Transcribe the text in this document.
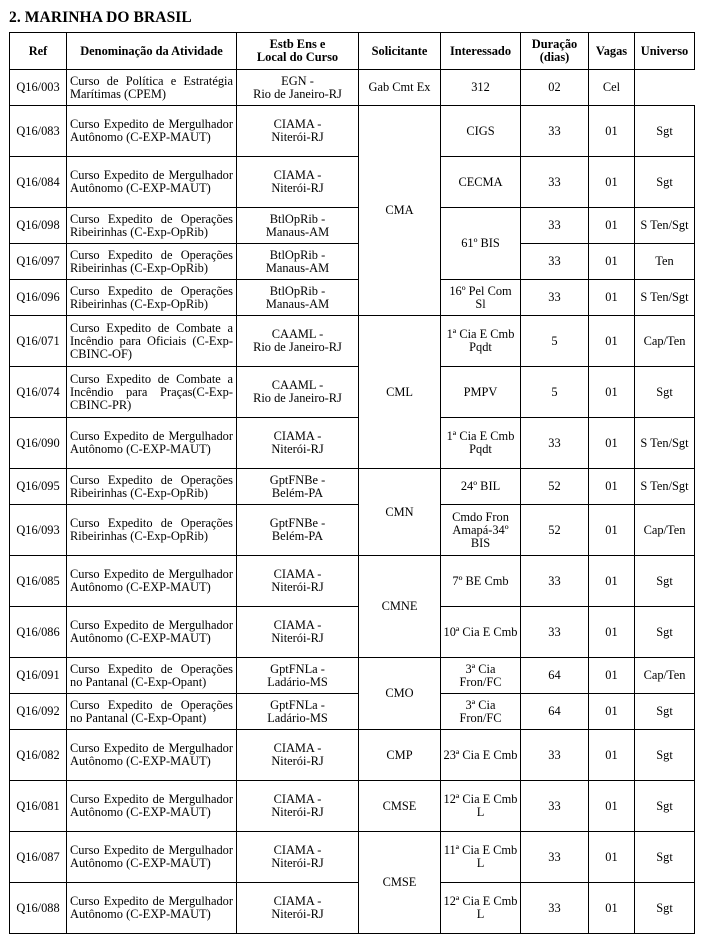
2. MARINHA DO BRASIL
Ref	Denominação da Atividade	Estb Ens e
Local do Curso	Solicitante	Interessado	Duração
(dias)	Vagas	Universo
Q16/003	Curso de Política e Estratégia Marítimas (CPEM)	EGN -
Rio de Janeiro-RJ	Gab Cmt Ex	312	02	Cel	
Q16/083	Curso Expedito de Mergulhador Autônomo (C-EXP-MAUT)	CIAMA -
Niterói-RJ	CMA	CIGS	33	01	Sgt
Q16/084	Curso Expedito de Mergulhador Autônomo (C-EXP-MAUT)	CIAMA -
Niterói-RJ		CECMA	33	01	Sgt
Q16/098	Curso Expedito de Operações Ribeirinhas (C-Exp-OpRib)	BtlOpRib -
Manaus-AM		61º BIS	33	01	S Ten/Sgt
Q16/097	Curso Expedito de Operações Ribeirinhas (C-Exp-OpRib)	BtlOpRib -
Manaus-AM			33	01	Ten
Q16/096	Curso Expedito de Operações Ribeirinhas (C-Exp-OpRib)	BtlOpRib -
Manaus-AM		16º Pel Com Sl	33	01	S Ten/Sgt
Q16/071	Curso Expedito de Combate a Incêndio para Oficiais (C-Exp-CBINC-OF)	CAAML -
Rio de Janeiro-RJ	CML	1ª Cia E Cmb Pqdt	5	01	Cap/Ten
Q16/074	Curso Expedito de Combate a Incêndio para Praças(C-Exp-CBINC-PR)	CAAML -
Rio de Janeiro-RJ		PMPV	5	01	Sgt
Q16/090	Curso Expedito de Mergulhador Autônomo (C-EXP-MAUT)	CIAMA -
Niterói-RJ		1ª Cia E Cmb Pqdt	33	01	S Ten/Sgt
Q16/095	Curso Expedito de Operações Ribeirinhas (C-Exp-OpRib)	GptFNBe -
Belém-PA	CMN	24º BIL	52	01	S Ten/Sgt
Q16/093	Curso Expedito de Operações Ribeirinhas (C-Exp-OpRib)	GptFNBe -
Belém-PA		Cmdo Fron Amapá-34º BIS	52	01	Cap/Ten
Q16/085	Curso Expedito de Mergulhador Autônomo (C-EXP-MAUT)	CIAMA -
Niterói-RJ	CMNE	7º BE Cmb	33	01	Sgt
Q16/086	Curso Expedito de Mergulhador Autônomo (C-EXP-MAUT)	CIAMA -
Niterói-RJ		10ª Cia E Cmb	33	01	Sgt
Q16/091	Curso Expedito de Operações no Pantanal (C-Exp-Opant)	GptFNLa -
Ladário-MS	CMO	3ª Cia Fron/FC	64	01	Cap/Ten
Q16/092	Curso Expedito de Operações no Pantanal (C-Exp-Opant)	GptFNLa -
Ladário-MS		3ª Cia Fron/FC	64	01	Sgt
Q16/082	Curso Expedito de Mergulhador Autônomo (C-EXP-MAUT)	CIAMA -
Niterói-RJ	CMP	23ª Cia E Cmb	33	01	Sgt
Q16/081	Curso Expedito de Mergulhador Autônomo (C-EXP-MAUT)	CIAMA -
Niterói-RJ	CMSE	12ª Cia E Cmb L	33	01	Sgt
Q16/087	Curso Expedito de Mergulhador Autônomo (C-EXP-MAUT)	CIAMA -
Niterói-RJ	CMSE	11ª Cia E Cmb L	33	01	Sgt
Q16/088	Curso Expedito de Mergulhador Autônomo (C-EXP-MAUT)	CIAMA -
Niterói-RJ		12ª Cia E Cmb L	33	01	Sgt
